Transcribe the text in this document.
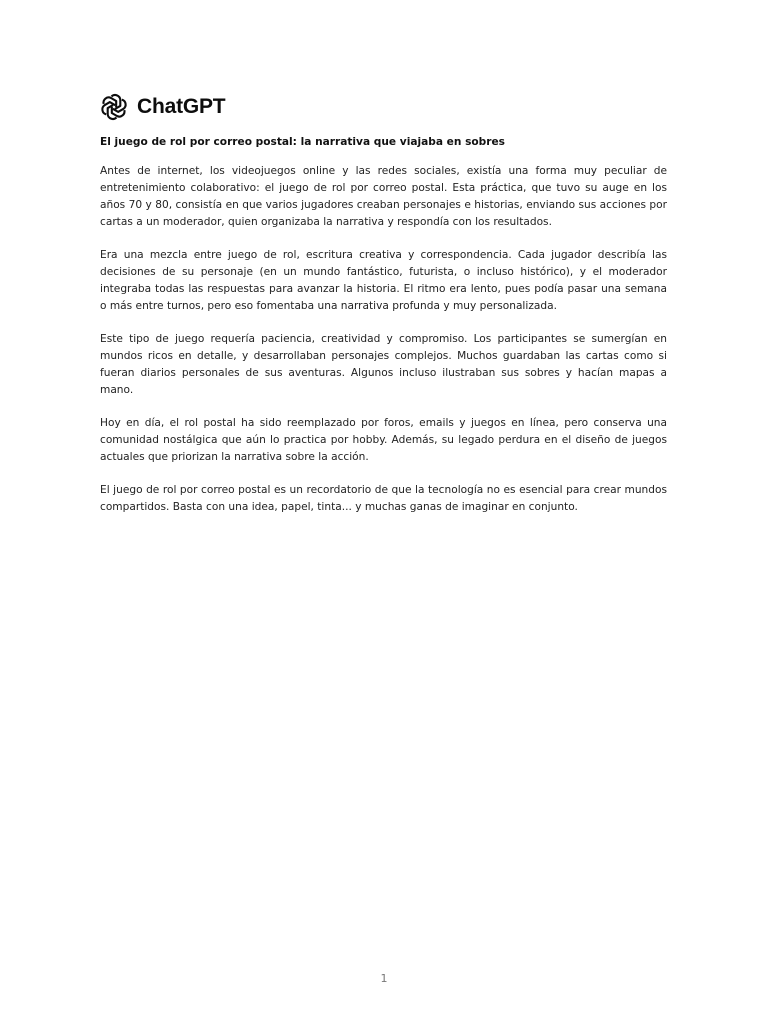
ChatGPT

El juego de rol por correo postal: la narrativa que viajaba en sobres

Antes de internet, los videojuegos online y las redes sociales, existía una forma muy peculiar de entretenimiento colaborativo: el juego de rol por correo postal. Esta práctica, que tuvo su auge en los años 70 y 80, consistía en que varios jugadores creaban personajes e historias, enviando sus acciones por cartas a un moderador, quien organizaba la narrativa y respondía con los resultados.

Era una mezcla entre juego de rol, escritura creativa y correspondencia. Cada jugador describía las decisiones de su personaje (en un mundo fantástico, futurista, o incluso histórico), y el moderador integraba todas las respuestas para avanzar la historia. El ritmo era lento, pues podía pasar una semana o más entre turnos, pero eso fomentaba una narrativa profunda y muy personalizada.

Este tipo de juego requería paciencia, creatividad y compromiso. Los participantes se sumergían en mundos ricos en detalle, y desarrollaban personajes complejos. Muchos guardaban las cartas como si fueran diarios personales de sus aventuras. Algunos incluso ilustraban sus sobres y hacían mapas a mano.

Hoy en día, el rol postal ha sido reemplazado por foros, emails y juegos en línea, pero conserva una comunidad nostálgica que aún lo practica por hobby. Además, su legado perdura en el diseño de juegos actuales que priorizan la narrativa sobre la acción.

El juego de rol por correo postal es un recordatorio de que la tecnología no es esencial para crear mundos compartidos. Basta con una idea, papel, tinta... y muchas ganas de imaginar en conjunto.

1
